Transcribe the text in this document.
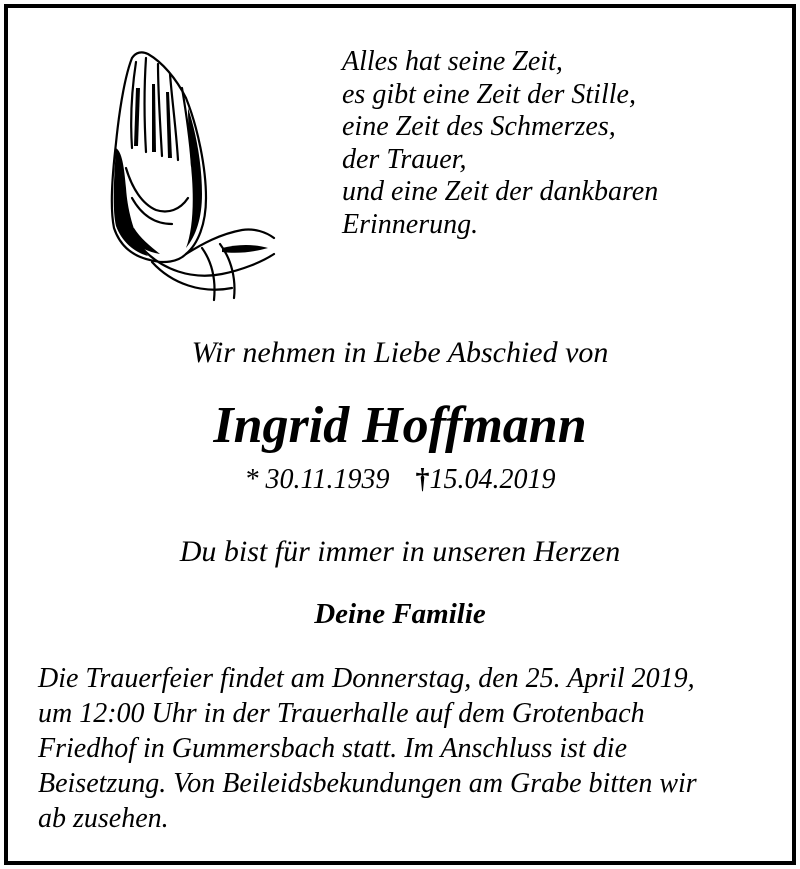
Alles hat seine Zeit,
es gibt eine Zeit der Stille,
eine Zeit des Schmerzes,
der Trauer,
und eine Zeit der dankbaren
Erinnerung.
Wir nehmen in Liebe Abschied von
Ingrid Hoffmann
* 30.11.1939 †15.04.2019
Du bist für immer in unseren Herzen
Deine Familie
Die Trauerfeier findet am Donnerstag, den 25. April 2019,
um 12:00 Uhr in der Trauerhalle auf dem Grotenbach
Friedhof in Gummersbach statt. Im Anschluss ist die
Beisetzung. Von Beileidsbekundungen am Grabe bitten wir
ab zusehen.
